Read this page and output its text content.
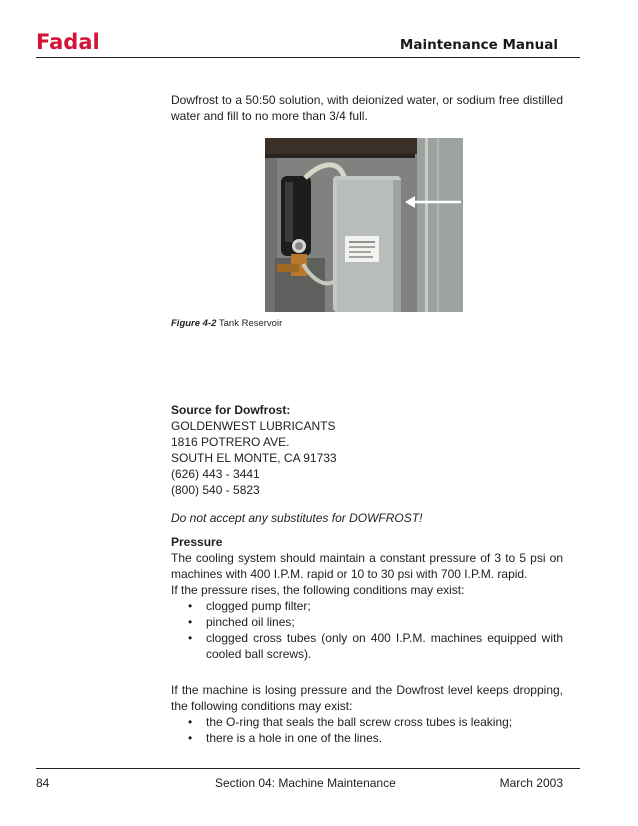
Fadal	Maintenance Manual
Dowfrost to a 50:50 solution, with deionized water, or sodium free distilled water and fill to no more than 3/4 full.
Figure 4-2 Tank Reservoir
Source for Dowfrost:
GOLDENWEST LUBRICANTS
1816 POTRERO AVE.
SOUTH EL MONTE, CA 91733
(626) 443 - 3441
(800) 540 - 5823
Do not accept any substitutes for DOWFROST!
Pressure
The cooling system should maintain a constant pressure of 3 to 5 psi on machines with 400 I.P.M. rapid or 10 to 30 psi with 700 I.P.M. rapid.
If the pressure rises, the following conditions may exist:
• clogged pump filter;
• pinched oil lines;
• clogged cross tubes (only on 400 I.P.M. machines equipped with cooled ball screws).
If the machine is losing pressure and the Dowfrost level keeps dropping, the following conditions may exist:
• the O-ring that seals the ball screw cross tubes is leaking;
• there is a hole in one of the lines.
84	Section 04: Machine Maintenance	March 2003
